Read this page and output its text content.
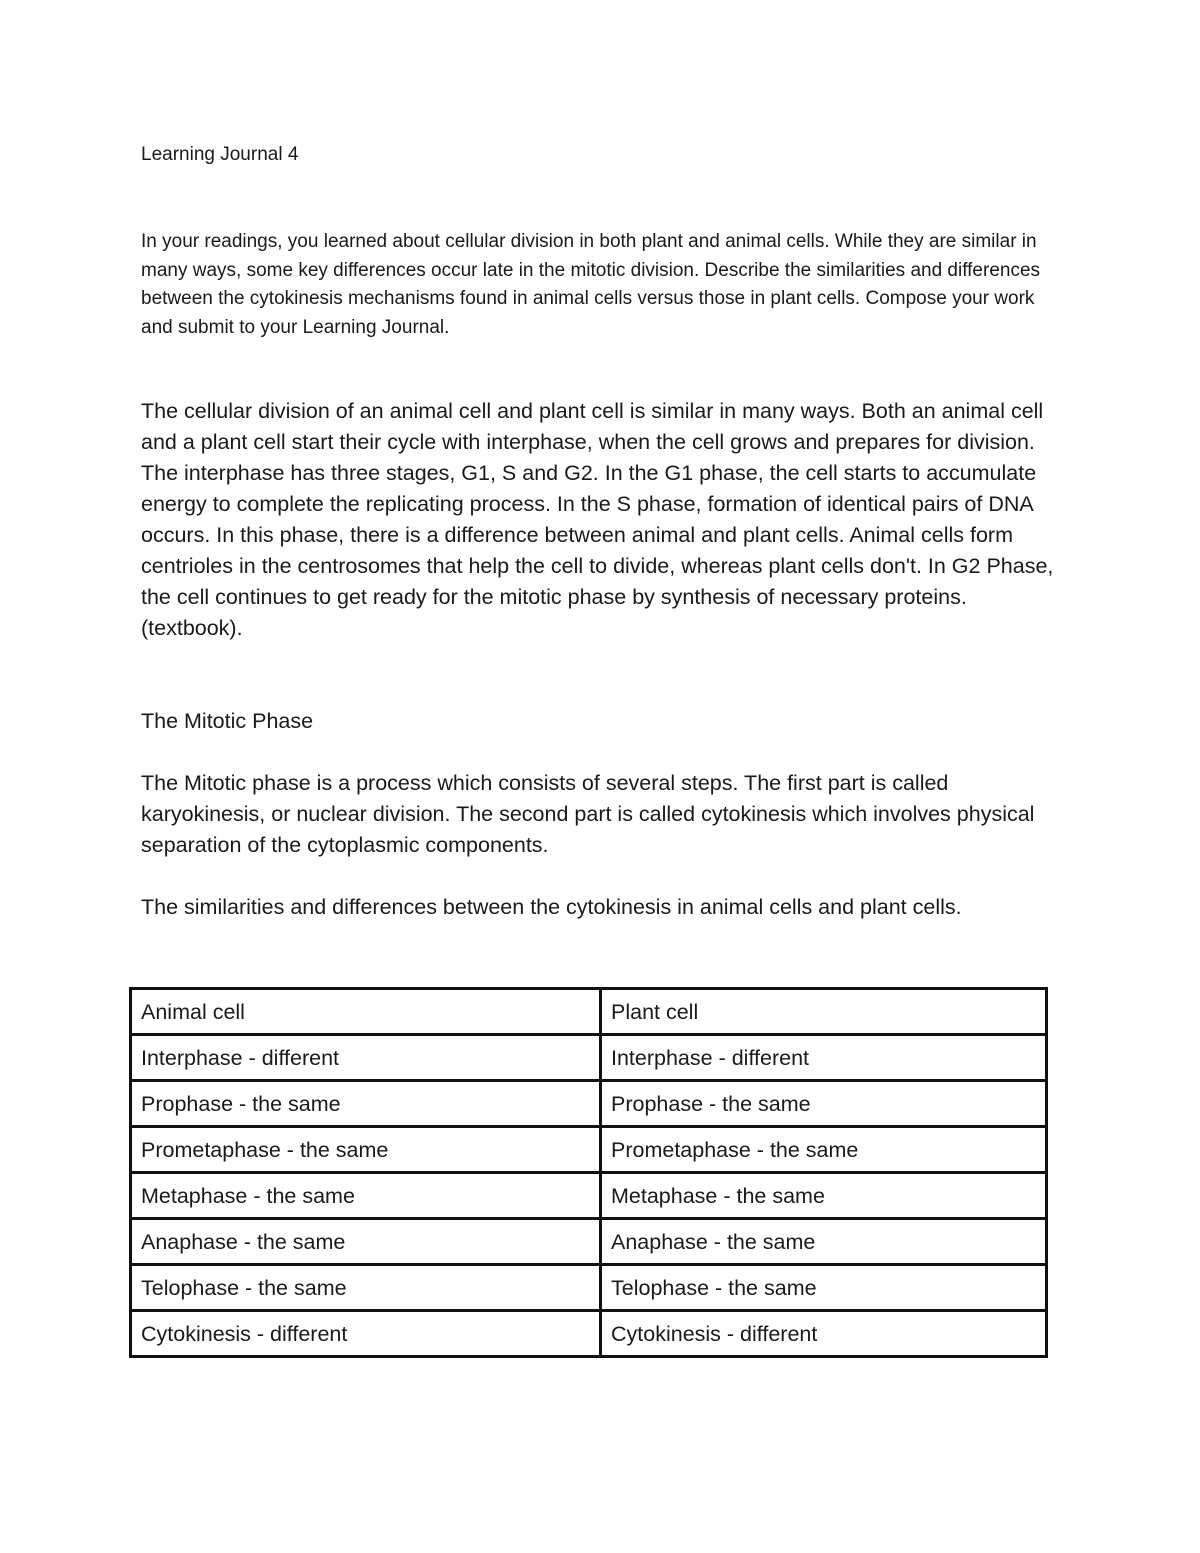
Learning Journal 4

In your readings, you learned about cellular division in both plant and animal cells. While they are similar in many ways, some key differences occur late in the mitotic division. Describe the similarities and differences between the cytokinesis mechanisms found in animal cells versus those in plant cells. Compose your work and submit to your Learning Journal.

The cellular division of an animal cell and plant cell is similar in many ways. Both an animal cell and a plant cell start their cycle with interphase, when the cell grows and prepares for division. The interphase has three stages, G1, S and G2. In the G1 phase, the cell starts to accumulate energy to complete the replicating process. In the S phase, formation of identical pairs of DNA occurs. In this phase, there is a difference between animal and plant cells. Animal cells form centrioles in the centrosomes that help the cell to divide, whereas plant cells don't. In G2 Phase, the cell continues to get ready for the mitotic phase by synthesis of necessary proteins. (textbook).

The Mitotic Phase

The Mitotic phase is a process which consists of several steps. The first part is called karyokinesis, or nuclear division. The second part is called cytokinesis which involves physical separation of the cytoplasmic components.

The similarities and differences between the cytokinesis in animal cells and plant cells.

Animal cell	Plant cell
Interphase - different	Interphase - different
Prophase - the same	Prophase - the same
Prometaphase - the same	Prometaphase - the same
Metaphase - the same	Metaphase - the same
Anaphase - the same	Anaphase - the same
Telophase - the same	Telophase - the same
Cytokinesis - different	Cytokinesis - different
